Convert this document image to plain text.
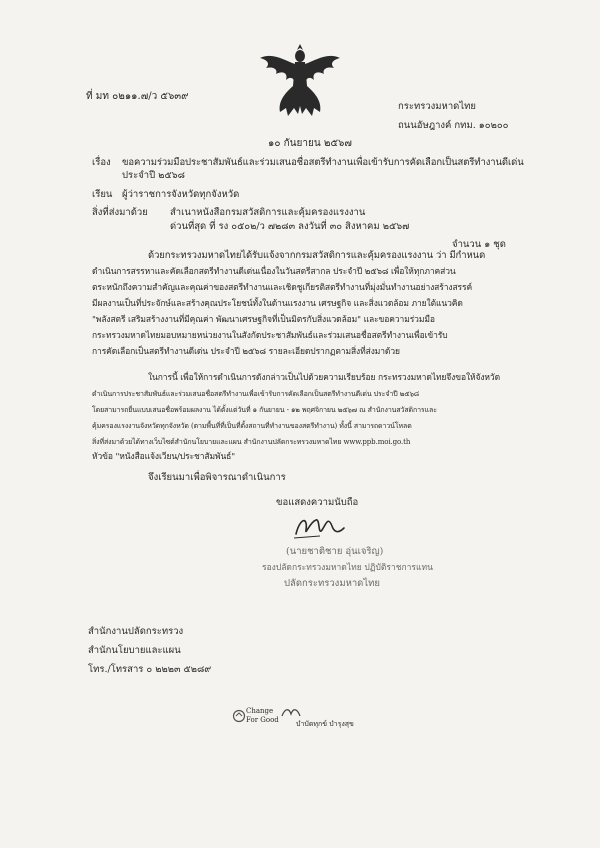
ที่ มท ๐๒๑๑.๗/ว ๕๖๓๙
กระทรวงมหาดไทย
ถนนอัษฎางค์ กทม. ๑๐๒๐๐
๑๐ กันยายน ๒๕๖๗
เรื่อง ขอความร่วมมือประชาสัมพันธ์และร่วมเสนอชื่อสตรีทำงานเพื่อเข้ารับการคัดเลือกเป็นสตรีทำงานดีเด่น
ประจำปี ๒๕๖๘
เรียน ผู้ว่าราชการจังหวัดทุกจังหวัด
สิ่งที่ส่งมาด้วย สำเนาหนังสือกรมสวัสดิการและคุ้มครองแรงงาน
ด่วนที่สุด ที่ รง ๐๕๐๒/ว ๗๒๘๓ ลงวันที่ ๓๐ สิงหาคม ๒๕๖๗
จำนวน ๑ ชุด
ด้วยกระทรวงมหาดไทยได้รับแจ้งจากกรมสวัสดิการและคุ้มครองแรงงาน ว่า มีกำหนด
ดำเนินการสรรหาและคัดเลือกสตรีทำงานดีเด่นเนื่องในวันสตรีสากล ประจำปี ๒๕๖๘ เพื่อให้ทุกภาคส่วน
ตระหนักถึงความสำคัญและคุณค่าของสตรีทำงานและเชิดชูเกียรติสตรีทำงานที่มุ่งมั่นทำงานอย่างสร้างสรรค์
มีผลงานเป็นที่ประจักษ์และสร้างคุณประโยชน์ทั้งในด้านแรงงาน เศรษฐกิจ และสิ่งแวดล้อม ภายใต้แนวคิด
"พลังสตรี เสริมสร้างงานที่มีคุณค่า พัฒนาเศรษฐกิจที่เป็นมิตรกับสิ่งแวดล้อม" และขอความร่วมมือ
กระทรวงมหาดไทยมอบหมายหน่วยงานในสังกัดประชาสัมพันธ์และร่วมเสนอชื่อสตรีทำงานเพื่อเข้ารับ
การคัดเลือกเป็นสตรีทำงานดีเด่น ประจำปี ๒๕๖๘ รายละเอียดปรากฏตามสิ่งที่ส่งมาด้วย
ในการนี้ เพื่อให้การดำเนินการดังกล่าวเป็นไปด้วยความเรียบร้อย กระทรวงมหาดไทยจึงขอให้จังหวัด
ดำเนินการประชาสัมพันธ์และร่วมเสนอชื่อสตรีทำงานเพื่อเข้ารับการคัดเลือกเป็นสตรีทำงานดีเด่น ประจำปี ๒๕๖๘
โดยสามารถยื่นแบบเสนอชื่อพร้อมผลงาน ได้ตั้งแต่วันที่ ๑ กันยายน - ๑๒ พฤศจิกายน ๒๕๖๗ ณ สำนักงานสวัสดิการและ
คุ้มครองแรงงานจังหวัดทุกจังหวัด (ตามพื้นที่ที่เป็นที่ตั้งสถานที่ทำงานของสตรีทำงาน) ทั้งนี้ สามารถดาวน์โหลด
สิ่งที่ส่งมาด้วยได้ทางเว็บไซต์สำนักนโยบายและแผน สำนักงานปลัดกระทรวงมหาดไทย www.ppb.moi.go.th
หัวข้อ "หนังสือแจ้งเวียน/ประชาสัมพันธ์"
จึงเรียนมาเพื่อพิจารณาดำเนินการ
ขอแสดงความนับถือ
(นายชาติชาย อุ่นเจริญ)
รองปลัดกระทรวงมหาดไทย ปฏิบัติราชการแทน
ปลัดกระทรวงมหาดไทย
สำนักงานปลัดกระทรวง
สำนักนโยบายและแผน
โทร./โทรสาร ๐ ๒๒๒๓ ๕๒๘๙
Change
For Good บำบัดทุกข์ บำรุงสุข
